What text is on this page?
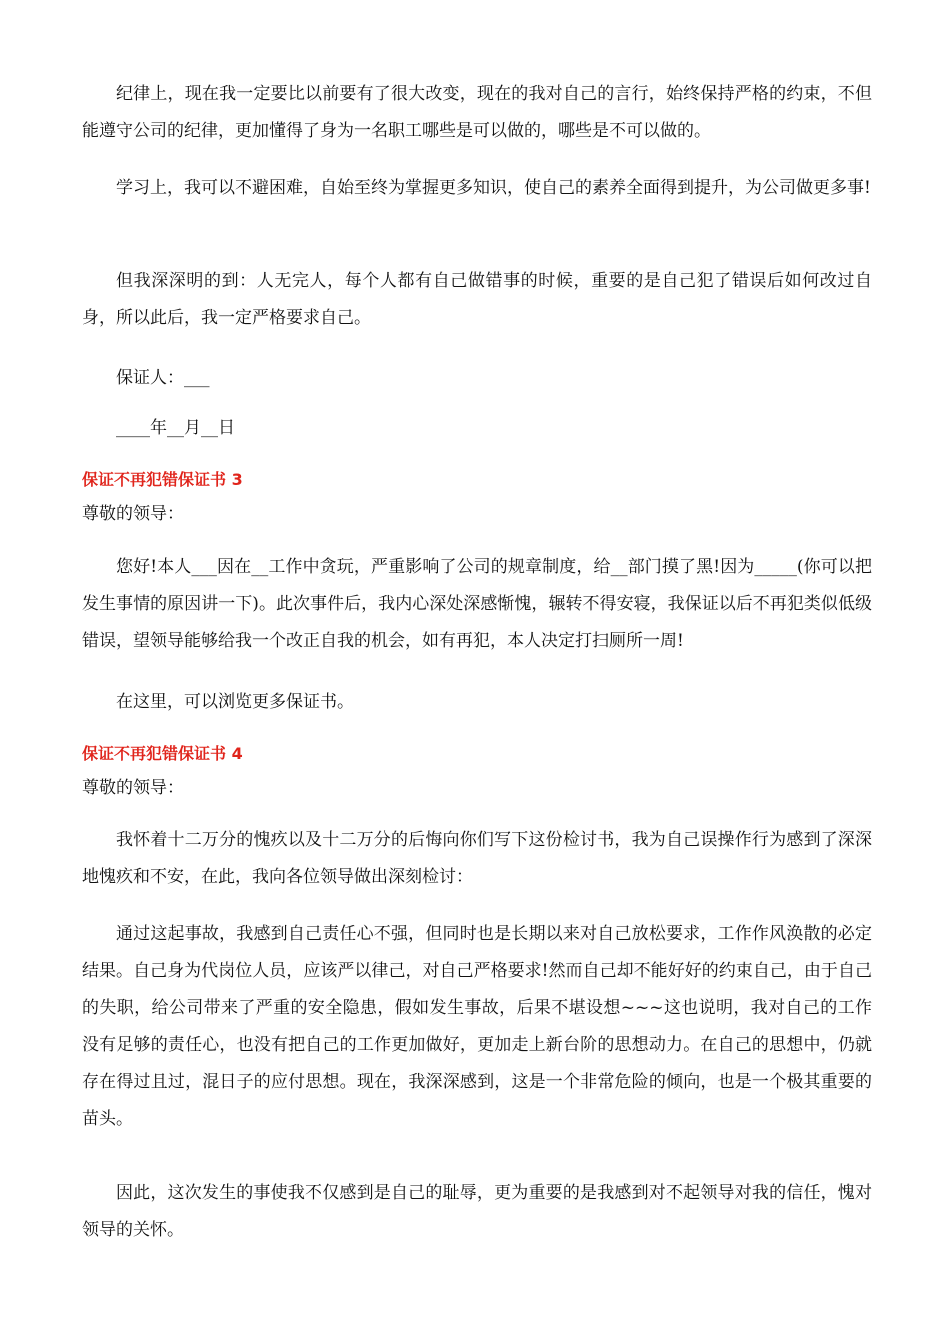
纪律上，现在我一定要比以前要有了很大改变，现在的我对自己的言行，始终保持严格的约束，不但能遵守公司的纪律，更加懂得了身为一名职工哪些是可以做的，哪些是不可以做的。

学习上，我可以不避困难，自始至终为掌握更多知识，使自己的素养全面得到提升，为公司做更多事!

但我深深明的到：人无完人，每个人都有自己做错事的时候，重要的是自己犯了错误后如何改过自身，所以此后，我一定严格要求自己。

保证人：___

____年__月__日

保证不再犯错保证书 3

尊敬的领导：

您好!本人___因在__工作中贪玩，严重影响了公司的规章制度，给__部门摸了黑!因为_____(你可以把发生事情的原因讲一下)。此次事件后，我内心深处深感惭愧，辗转不得安寝，我保证以后不再犯类似低级错误，望领导能够给我一个改正自我的机会，如有再犯，本人决定打扫厕所一周!

在这里，可以浏览更多保证书。

保证不再犯错保证书 4

尊敬的领导：

我怀着十二万分的愧疚以及十二万分的后悔向你们写下这份检讨书，我为自己误操作行为感到了深深地愧疚和不安，在此，我向各位领导做出深刻检讨：

通过这起事故，我感到自己责任心不强，但同时也是长期以来对自己放松要求，工作作风涣散的必定结果。自己身为代岗位人员，应该严以律己，对自己严格要求!然而自己却不能好好的约束自己，由于自己的失职，给公司带来了严重的安全隐患，假如发生事故，后果不堪设想~~~这也说明，我对自己的工作没有足够的责任心，也没有把自己的工作更加做好，更加走上新台阶的思想动力。在自己的思想中，仍就存在得过且过，混日子的应付思想。现在，我深深感到，这是一个非常危险的倾向，也是一个极其重要的苗头。

因此，这次发生的事使我不仅感到是自己的耻辱，更为重要的是我感到对不起领导对我的信任，愧对领导的关怀。
